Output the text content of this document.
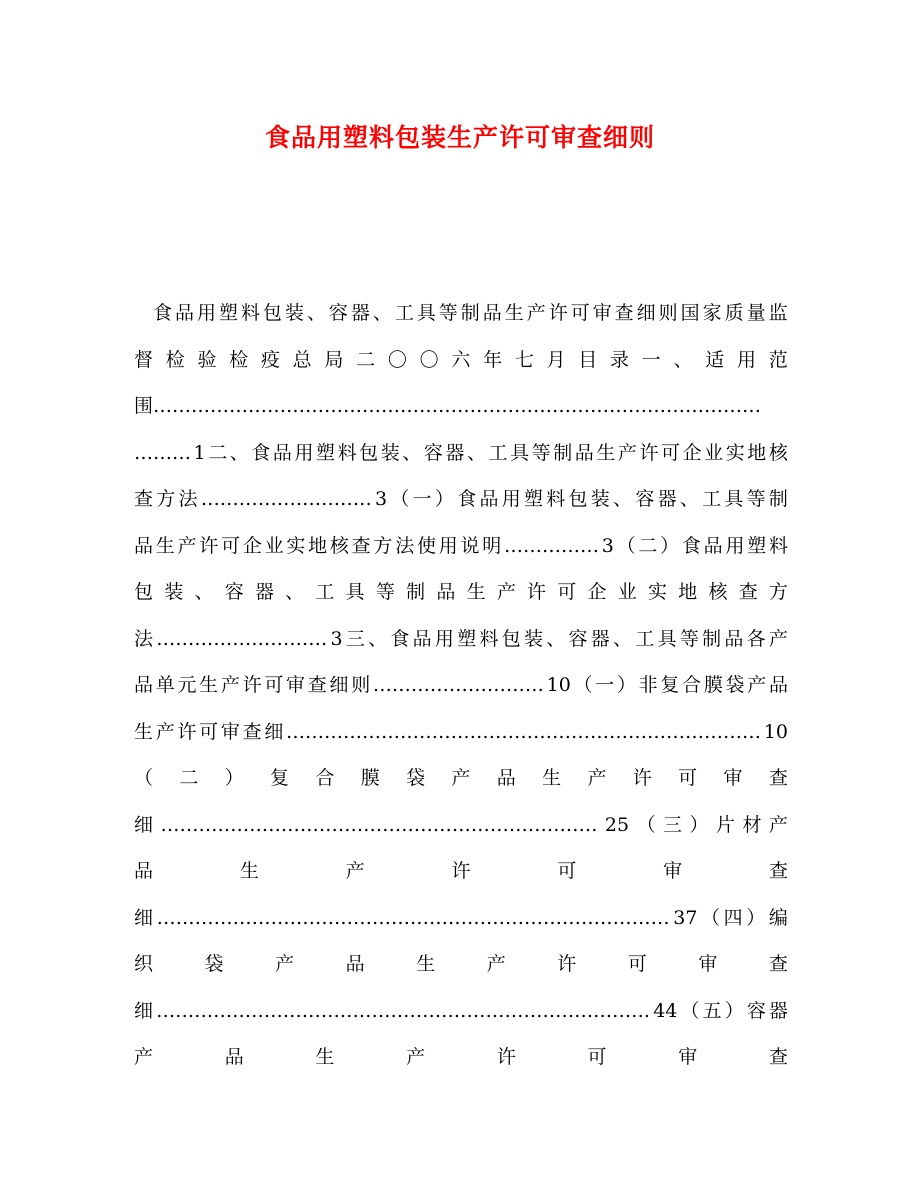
食品用塑料包装生产许可审查细则
食 品 用 塑 料 包 装 、 容 器 、 工 具 等 制 品 生 产 许 可 审 查 细 则 国 家 质 量 监
督 检 验 检 疫 总 局 二 〇 〇 六 年 七 月 目 录 一 、 适 用 范
围……………………………………………………………………………………
……… 1 二 、 食 品 用 塑 料 包 装 、 容 器 、 工 具 等 制 品 生 产 许 可 企 业 实 地 核
查 方 法 ……………………… 3 （ 一 ） 食 品 用 塑 料 包 装 、 容 器 、 工 具 等 制
品 生 产 许 可 企 业 实 地 核 查 方 法 使 用 说 明 …………… 3 （ 二 ） 食 品 用 塑 料
包 装 、 容 器 、 工 具 等 制 品 生 产 许 可 企 业 实 地 核 查 方
法 ……………………… 3 三 、 食 品 用 塑 料 包 装 、 容 器 、 工 具 等 制 品 各 产
品 单 元 生 产 许 可 审 查 细 则 ……………………… 10 （ 一 ） 非 复 合 膜 袋 产 品
生 产 许 可 审 查 细 ………………………………………………………………… 10
（ 二 ） 复 合 膜 袋 产 品 生 产 许 可 审 查
细 …………………………………………………………… 25 （ 三 ） 片 材 产
品	生	产	许	可	审	查
细 ……………………………………………………………………… 37 （ 四 ） 编
织	袋	产	品	生	产	许	可	审	查
细 …………………………………………………………………… 44 （ 五 ） 容 器
产	品	生	产	许	可	审	查
